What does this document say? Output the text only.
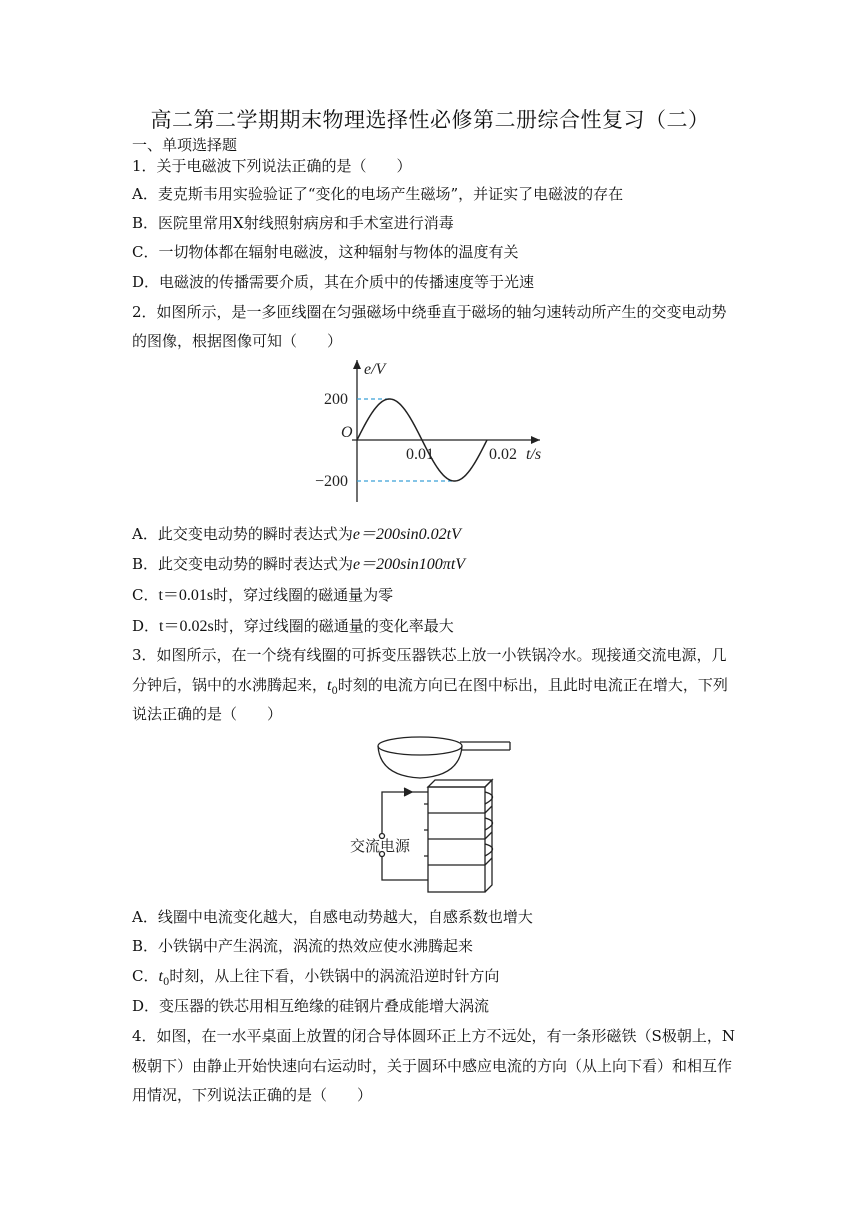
高二第二学期期末物理选择性必修第二册综合性复习（二）
一、单项选择题
1．关于电磁波下列说法正确的是（　　）
A．麦克斯韦用实验验证了“变化的电场产生磁场”，并证实了电磁波的存在
B．医院里常用X射线照射病房和手术室进行消毒
C．一切物体都在辐射电磁波，这种辐射与物体的温度有关
D．电磁波的传播需要介质，其在介质中的传播速度等于光速
2．如图所示，是一多匝线圈在匀强磁场中绕垂直于磁场的轴匀速转动所产生的交变电动势
的图像，根据图像可知（　　）
e/V
200
−200
O
0.01	0.02 t/s
A．此交变电动势的瞬时表达式为e＝200sin0.02tV
B．此交变电动势的瞬时表达式为e＝200sin100πtV
C．t＝0.01s时，穿过线圈的磁通量为零
D．t＝0.02s时，穿过线圈的磁通量的变化率最大
3．如图所示，在一个绕有线圈的可拆变压器铁芯上放一小铁锅冷水。现接通交流电源，几
分钟后，锅中的水沸腾起来，$t_0$时刻的电流方向已在图中标出，且此时电流正在增大，下列
说法正确的是（　　）
交流电源
A．线圈中电流变化越大，自感电动势越大，自感系数也增大
B．小铁锅中产生涡流，涡流的热效应使水沸腾起来
C．$t_0$时刻，从上往下看，小铁锅中的涡流沿逆时针方向
D．变压器的铁芯用相互绝缘的硅钢片叠成能增大涡流
4．如图，在一水平桌面上放置的闭合导体圆环正上方不远处，有一条形磁铁（S极朝上，N
极朝下）由静止开始快速向右运动时，关于圆环中感应电流的方向（从上向下看）和相互作
用情况，下列说法正确的是（　　）
